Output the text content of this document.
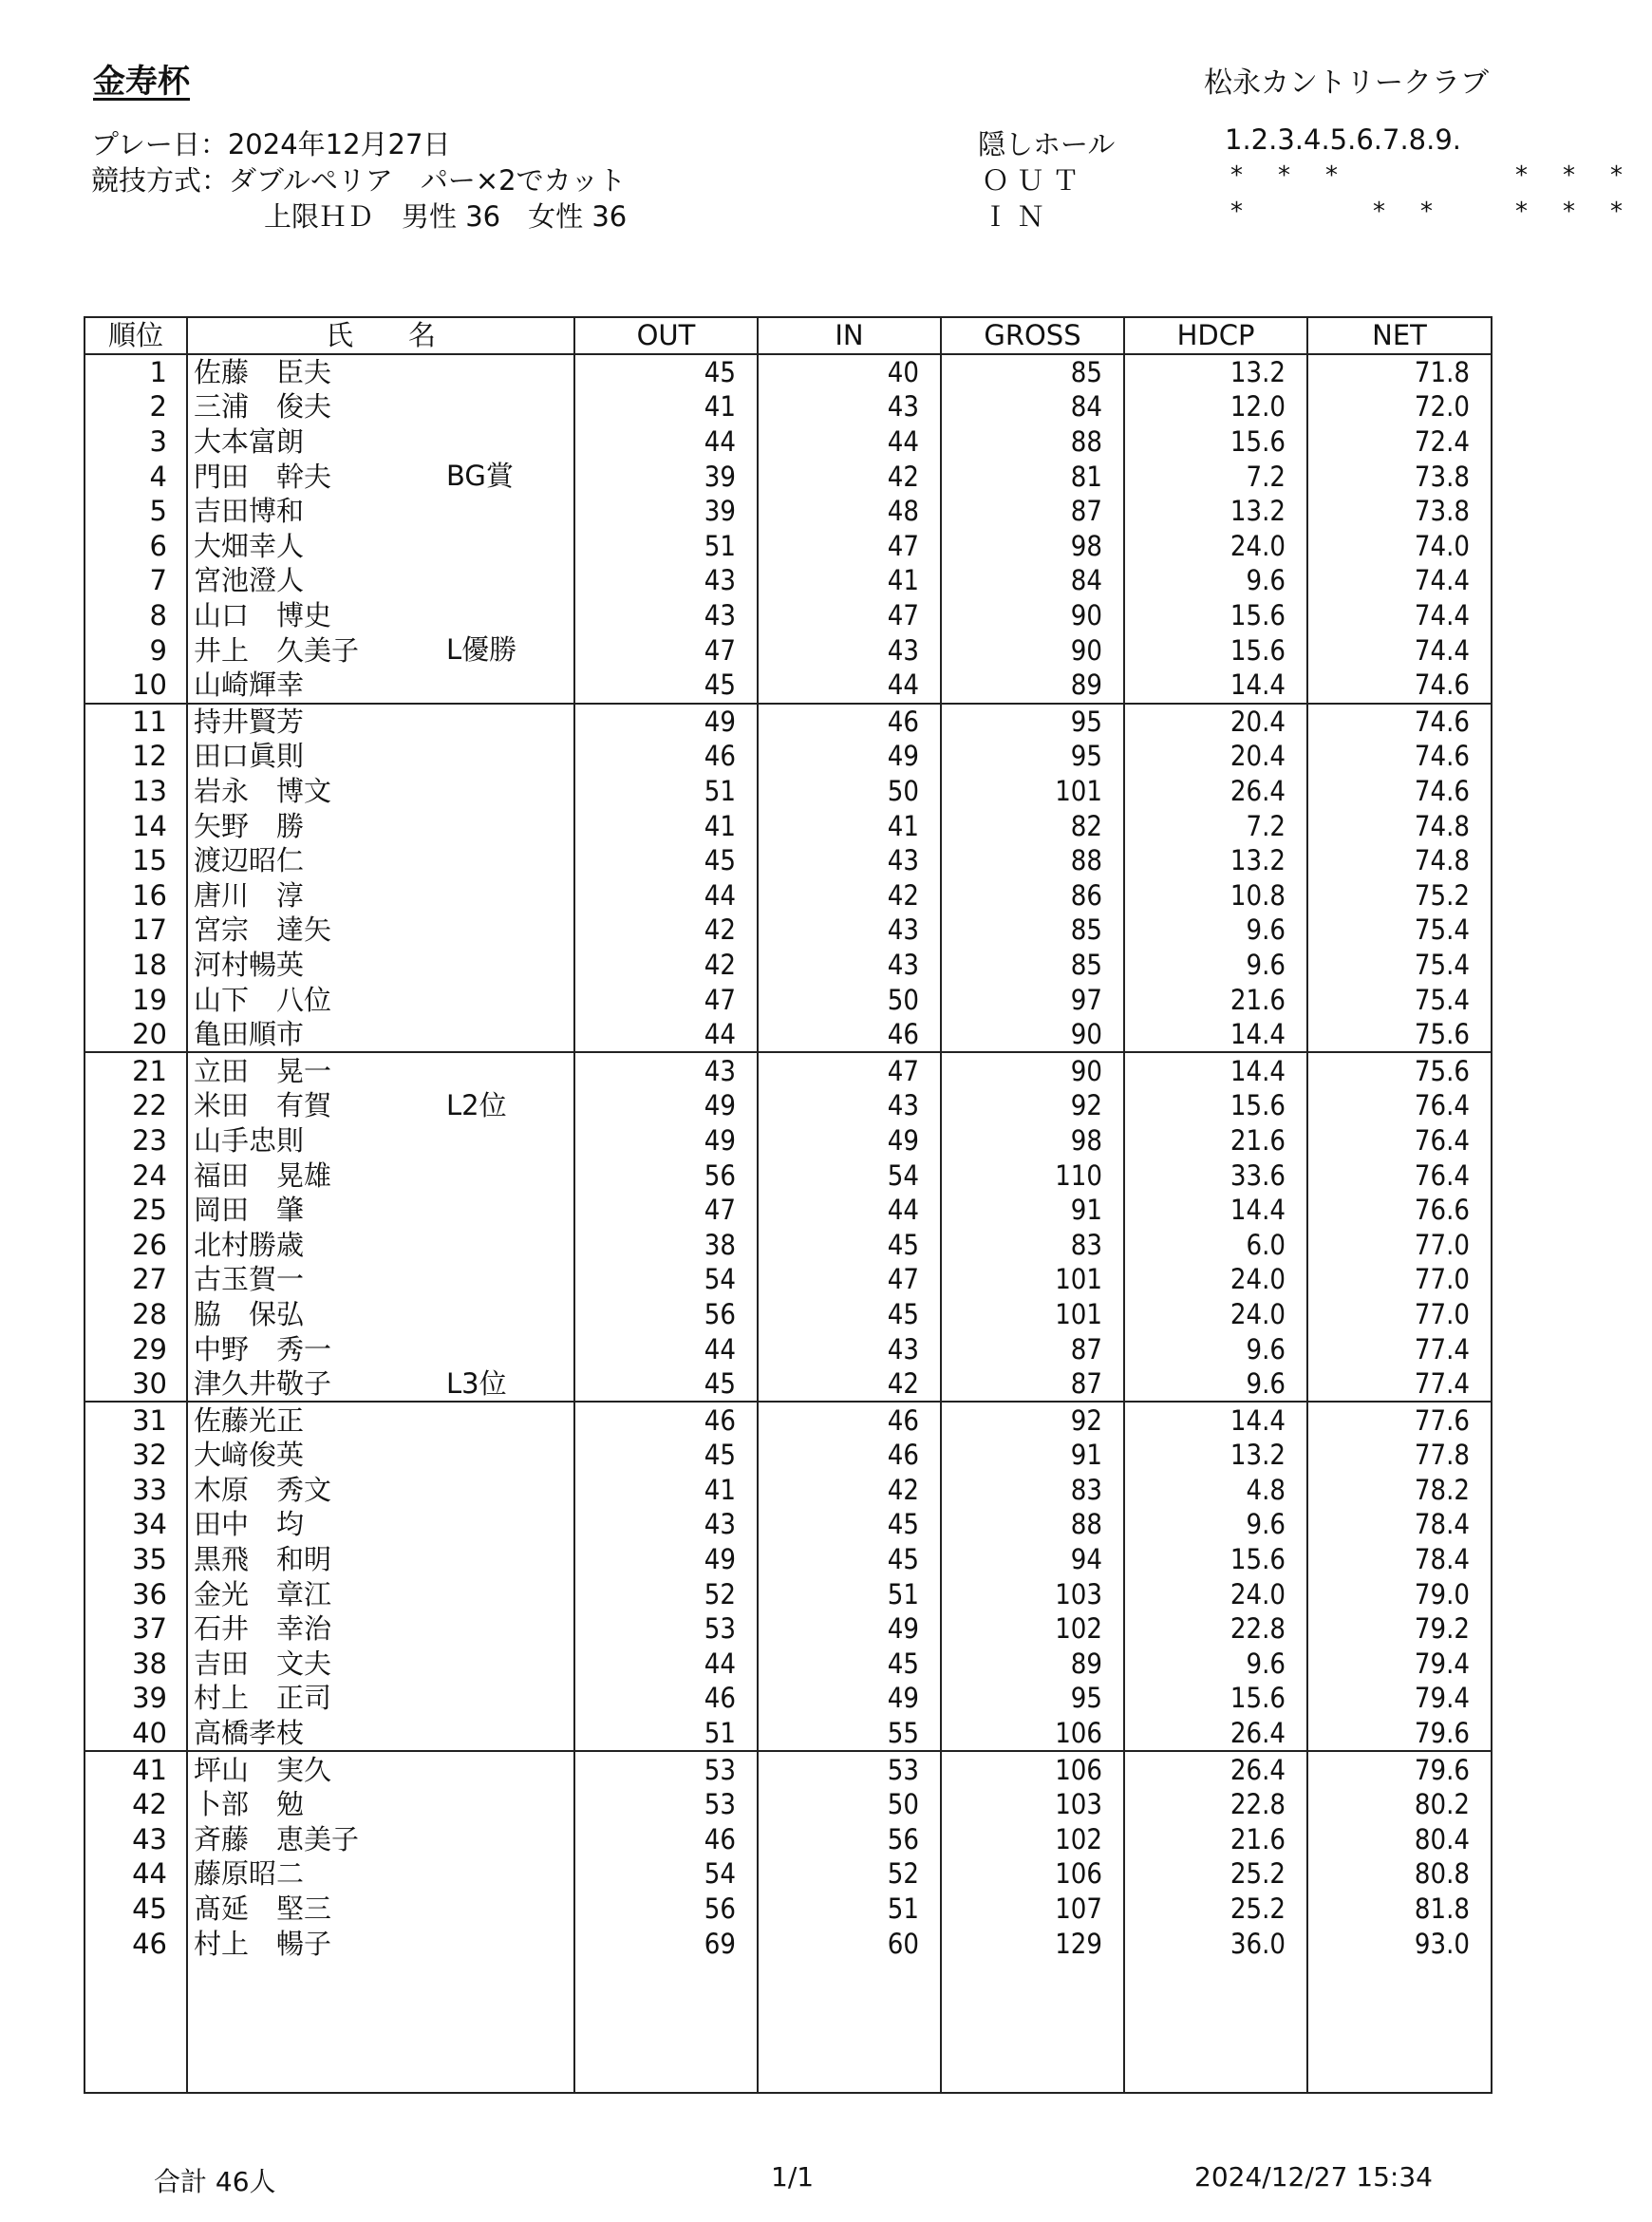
金寿杯	松永カントリークラブ
プレー日：2024年12月27日
競技方式：ダブルペリア　パー×2でカット
上限ＨＤ　男性 36　女性 36
隠しホール	1.2.3.4.5.6.7.8.9.
ＯＵＴ	* * *	* * *
ＩＮ	*	* *	* * *
順位	氏　　名	OUT	IN	GROSS	HDCP	NET
1	佐藤　臣夫	45	40	85	13.2	71.8
2	三浦　俊夫	41	43	84	12.0	72.0
3	大本富朗	44	44	88	15.6	72.4
4	門田　幹夫 BG賞	39	42	81	7.2	73.8
5	吉田博和	39	48	87	13.2	73.8
6	大畑幸人	51	47	98	24.0	74.0
7	宮池澄人	43	41	84	9.6	74.4
8	山口　博史	43	47	90	15.6	74.4
9	井上　久美子 L優勝	47	43	90	15.6	74.4
10	山崎輝幸	45	44	89	14.4	74.6
11	持井賢芳	49	46	95	20.4	74.6
12	田口眞則	46	49	95	20.4	74.6
13	岩永　博文	51	50	101	26.4	74.6
14	矢野　勝	41	41	82	7.2	74.8
15	渡辺昭仁	45	43	88	13.2	74.8
16	唐川　淳	44	42	86	10.8	75.2
17	宮宗　達矢	42	43	85	9.6	75.4
18	河村暢英	42	43	85	9.6	75.4
19	山下　八位	47	50	97	21.6	75.4
20	亀田順市	44	46	90	14.4	75.6
21	立田　晃一	43	47	90	14.4	75.6
22	米田　有賀 L2位	49	43	92	15.6	76.4
23	山手忠則	49	49	98	21.6	76.4
24	福田　晃雄	56	54	110	33.6	76.4
25	岡田　肇	47	44	91	14.4	76.6
26	北村勝歳	38	45	83	6.0	77.0
27	古玉賀一	54	47	101	24.0	77.0
28	脇　保弘	56	45	101	24.0	77.0
29	中野　秀一	44	43	87	9.6	77.4
30	津久井敬子 L3位	45	42	87	9.6	77.4
31	佐藤光正	46	46	92	14.4	77.6
32	大﨑俊英	45	46	91	13.2	77.8
33	木原　秀文	41	42	83	4.8	78.2
34	田中　均	43	45	88	9.6	78.4
35	黒飛　和明	49	45	94	15.6	78.4
36	金光　章江	52	51	103	24.0	79.0
37	石井　幸治	53	49	102	22.8	79.2
38	吉田　文夫	44	45	89	9.6	79.4
39	村上　正司	46	49	95	15.6	79.4
40	高橋孝枝	51	55	106	26.4	79.6
41	坪山　実久	53	53	106	26.4	79.6
42	卜部　勉	53	50	103	22.8	80.2
43	斉藤　恵美子	46	56	102	21.6	80.4
44	藤原昭二	54	52	106	25.2	80.8
45	髙延　堅三	56	51	107	25.2	81.8
46	村上　暢子	69	60	129	36.0	93.0

合計 46人	1/1	2024/12/27 15:34
